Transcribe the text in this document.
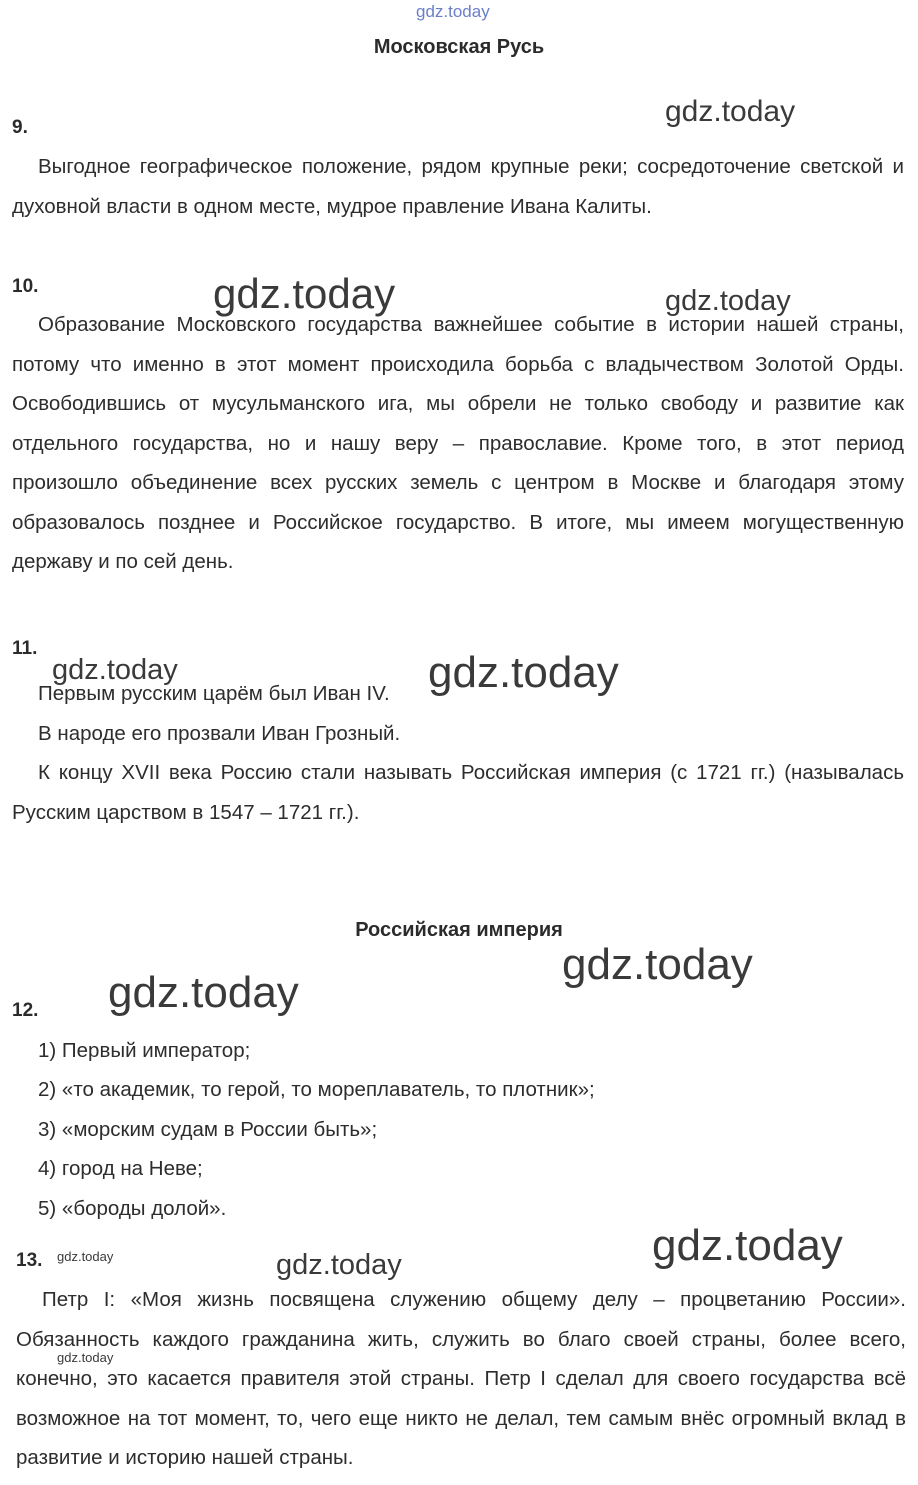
gdz.today
gdz.today
gdz.today	gdz.today
gdz.today	gdz.today
gdz.today
gdz.today
gdz.today
gdz.today	gdz.today
gdz.today
Московская Русь
9.
Выгодное географическое положение, рядом крупные реки; сосредоточение светской и духовной власти в одном месте, мудрое правление Ивана Калиты.
10.
Образование Московского государства важнейшее событие в истории нашей страны, потому что именно в этот момент происходила борьба с владычеством Золотой Орды. Освободившись от мусульманского ига, мы обрели не только свободу и развитие как отдельного государства, но и нашу веру – православие. Кроме того, в этот период произошло объединение всех русских земель с центром в Москве и благодаря этому образовалось позднее и Российское государство. В итоге, мы имеем могущественную державу и по сей день.
11.
Первым русским царём был Иван IV.
В народе его прозвали Иван Грозный.
К концу XVII века Россию стали называть Российская империя (с 1721 гг.) (называлась Русским царством в 1547 – 1721 гг.).
Российская империя
12.
1) Первый император;
2) «то академик, то герой, то мореплаватель, то плотник»;
3) «морским судам в России быть»;
4) город на Неве;
5) «бороды долой».
13.
Петр I: «Моя жизнь посвящена служению общему делу – процветанию России». Обязанность каждого гражданина жить, служить во благо своей страны, более всего, конечно, это касается правителя этой страны. Петр I сделал для своего государства всё возможное на тот момент, то, чего еще никто не делал, тем самым внёс огромный вклад в развитие и историю нашей страны.
